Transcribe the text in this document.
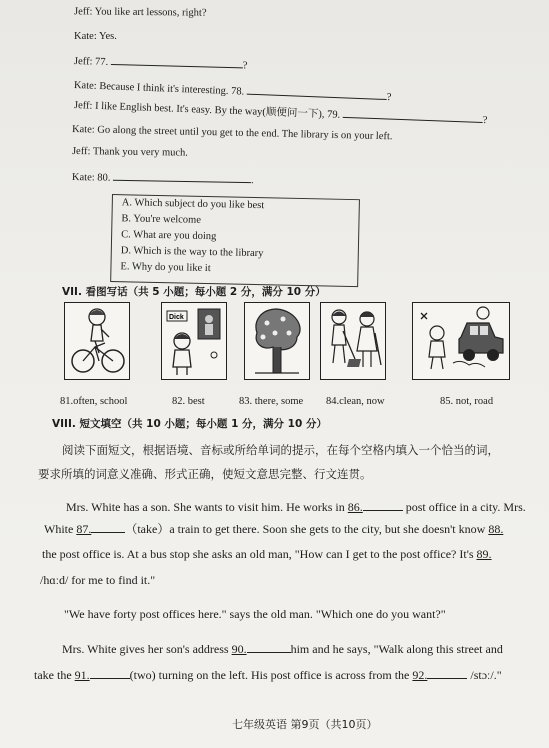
Jeff: You like art lessons, right?
Kate: Yes.
Jeff: 77.	?
Kate: Because I think it's interesting. 78.	?
Jeff: I like English best. It's easy. By the way(顺便问一下), 79.	?
Kate: Go along the street until you get to the end. The library is on your left.
Jeff: Thank you very much.
Kate: 80.	.
A. Which subject do you like best
B. You're welcome
C. What are you doing
D. Which is the way to the library
E. Why do you like it
VII. 看图写话（共 5 小题；每小题 2 分，满分 10 分）
Dick
81.often, school	82. best	83. there, some 84.clean, now	85. not, road
VIII. 短文填空（共 10 小题；每小题 1 分，满分 10 分）
阅读下面短文，根据语境、音标或所给单词的提示，在每个空格内填入一个恰当的词，
要求所填的词意义准确、形式正确，使短文意思完整、行文连贯。
Mrs. White has a son. She wants to visit him. He works in 86.	post office in a city. Mrs.
White 87.	（take）a train to get there. Soon she gets to the city, but she doesn't know 88.
the post office is. At a bus stop she asks an old man, "How can I get to the post office? It's 89.
/hɑːd/ for me to find it."
"We have forty post offices here." says the old man. "Which one do you want?"
Mrs. White gives her son's address 90.	him and he says, "Walk along this street and
take the 91.	(two) turning on the left. His post office is across from the 92.	/stɔː/."
七年级英语 第9页（共10页）
